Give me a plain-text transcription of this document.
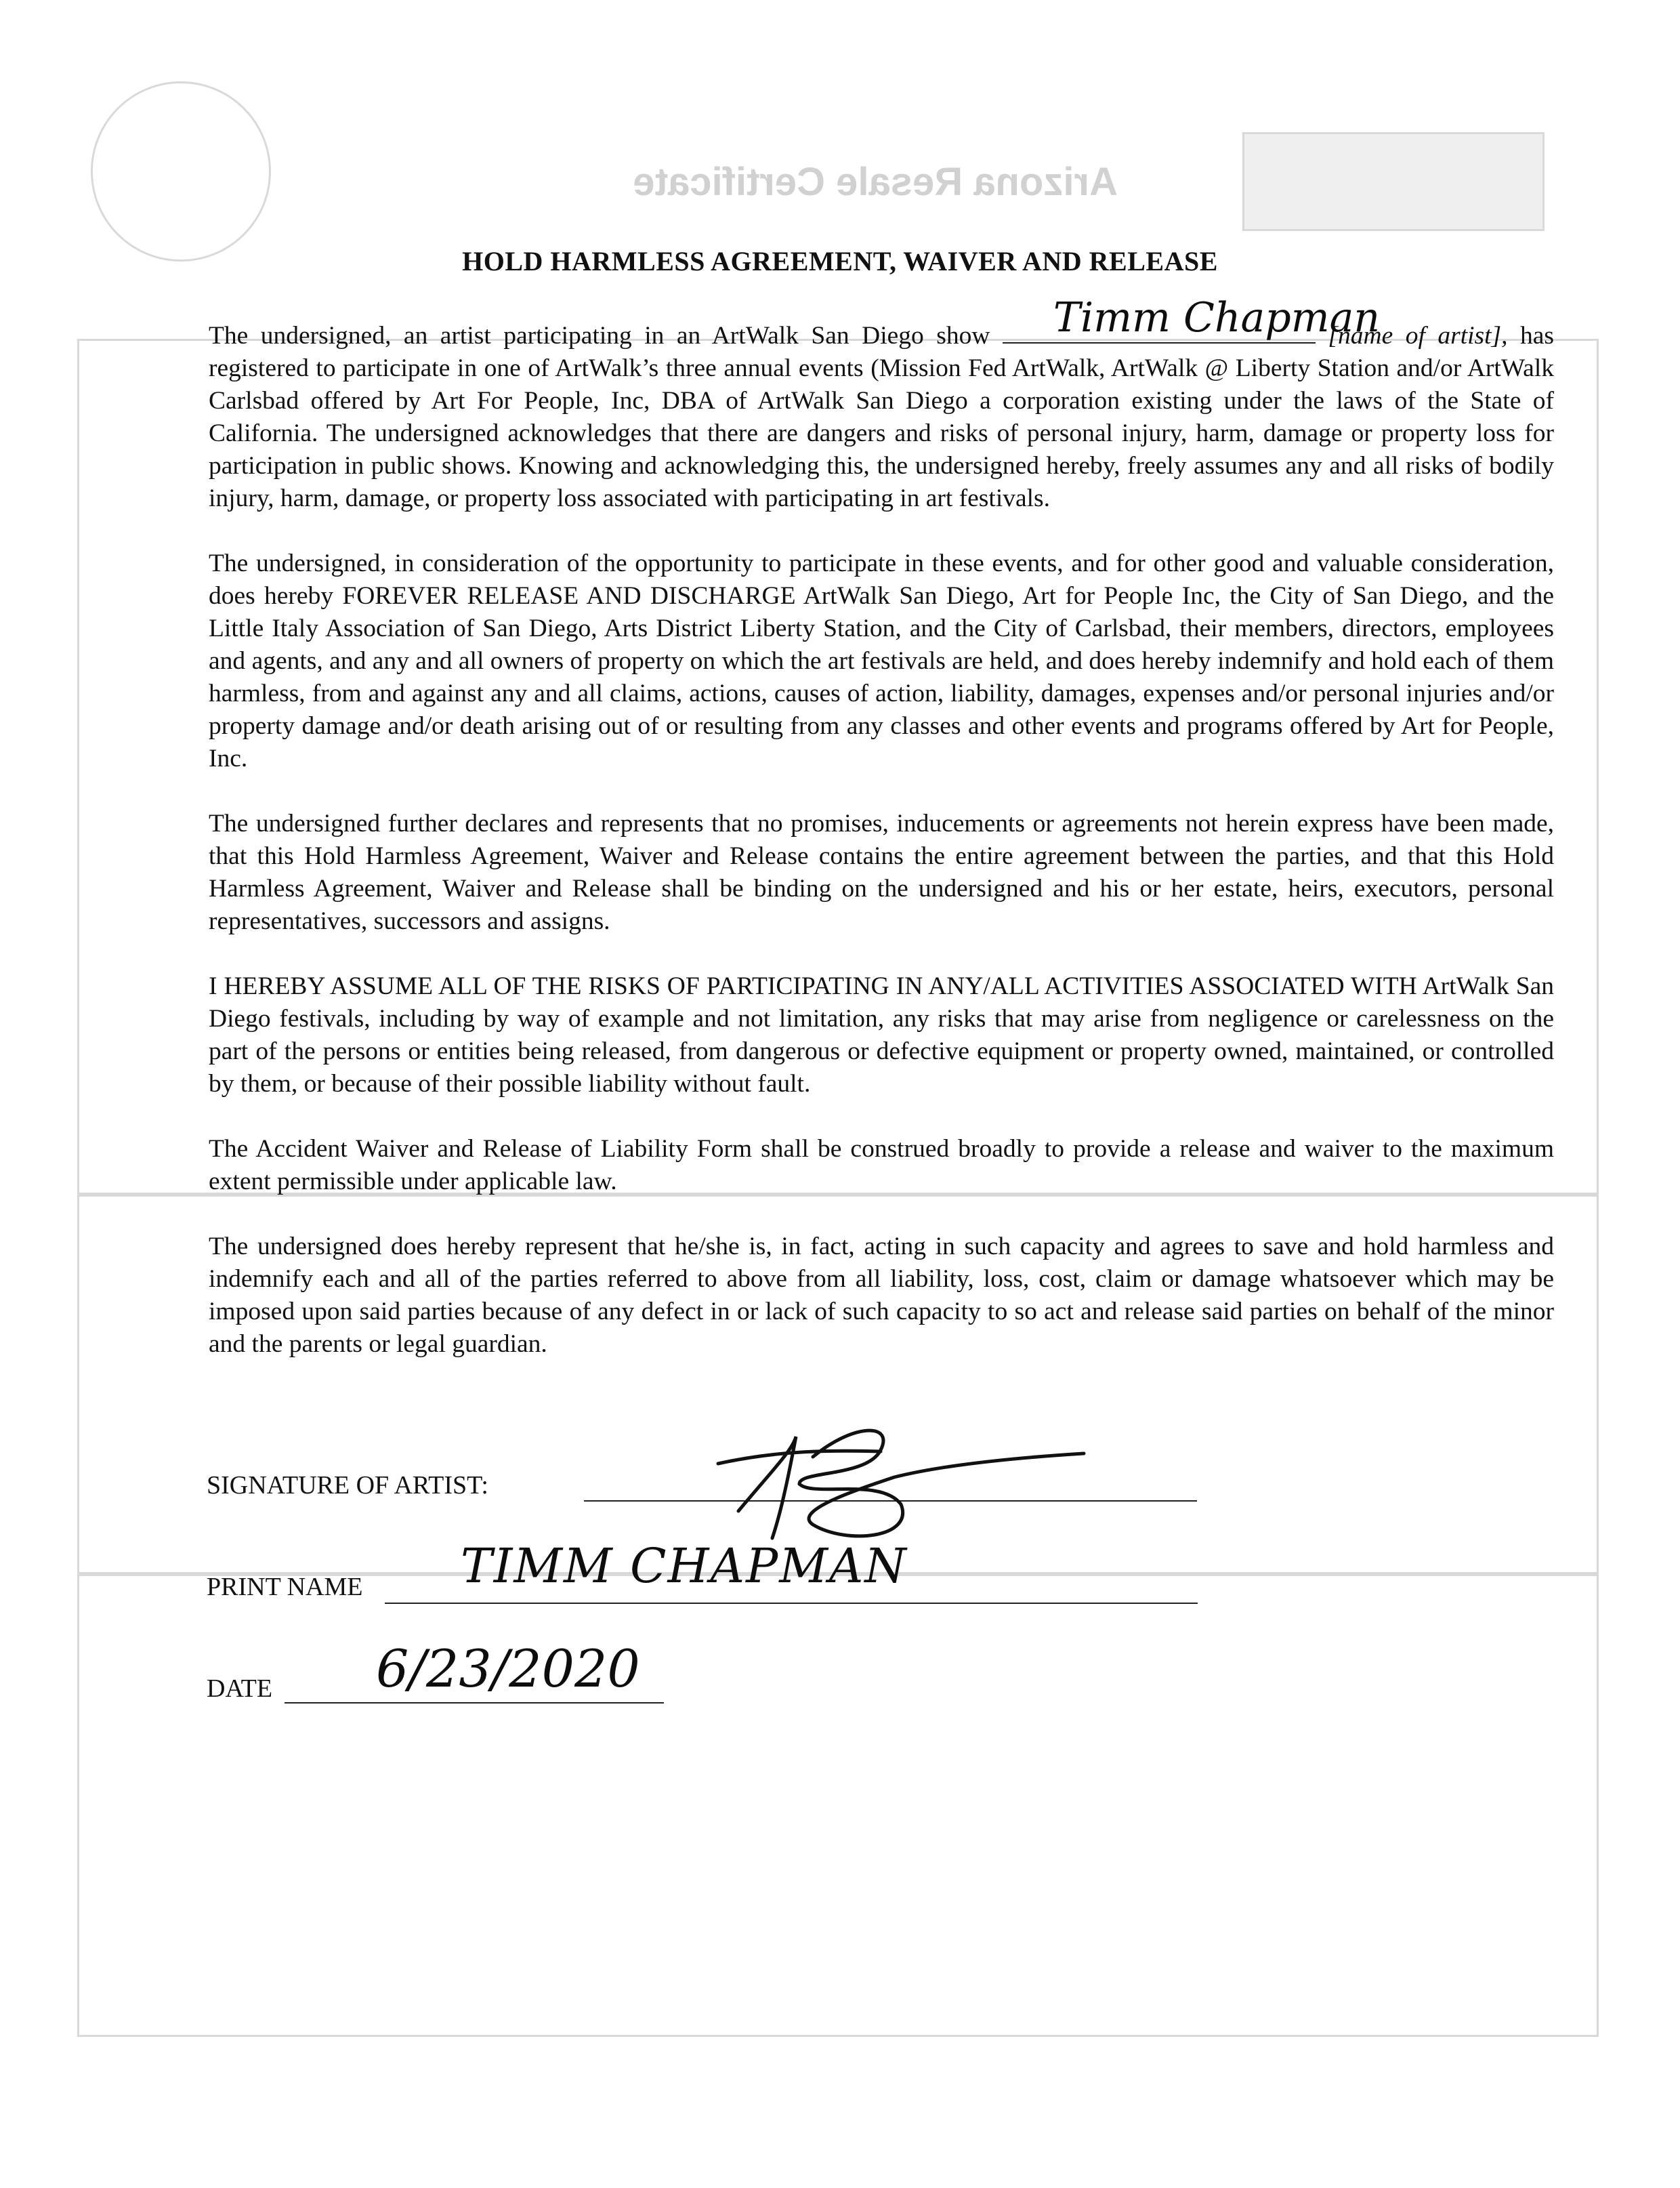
Arizona Resale Certificate
HOLD HARMLESS AGREEMENT, WAIVER AND RELEASE

The undersigned, an artist participating in an ArtWalk San Diego show Timm Chapman
[name of artist], has registered to participate in one of ArtWalk’s three annual events (Mission Fed ArtWalk, ArtWalk @ Liberty Station and/or ArtWalk Carlsbad offered by Art For People, Inc, DBA of ArtWalk San Diego a corporation existing under the laws of the State of California. The undersigned acknowledges that there are dangers and risks of personal injury, harm, damage or property loss for participation in public shows. Knowing and acknowledging this, the undersigned hereby, freely assumes any and all risks of bodily injury, harm, damage, or property loss associated with participating in art festivals.

The undersigned, in consideration of the opportunity to participate in these events, and for other good and valuable consideration, does hereby FOREVER RELEASE AND DISCHARGE ArtWalk San Diego, Art for People Inc, the City of San Diego, and the Little Italy Association of San Diego, Arts District Liberty Station, and the City of Carlsbad, their members, directors, employees and agents, and any and all owners of property on which the art festivals are held, and does hereby indemnify and hold each of them harmless, from and against any and all claims, actions, causes of action, liability, damages, expenses and/or personal injuries and/or property damage and/or death arising out of or resulting from any classes and other events and programs offered by Art for People, Inc.

The undersigned further declares and represents that no promises, inducements or agreements not herein express have been made, that this Hold Harmless Agreement, Waiver and Release contains the entire agreement between the parties, and that this Hold Harmless Agreement, Waiver and Release shall be binding on the undersigned and his or her estate, heirs, executors, personal representatives, successors and assigns.

I HEREBY ASSUME ALL OF THE RISKS OF PARTICIPATING IN ANY/ALL ACTIVITIES ASSOCIATED WITH ArtWalk San Diego festivals, including by way of example and not limitation, any risks that may arise from negligence or carelessness on the part of the persons or entities being released, from dangerous or defective equipment or property owned, maintained, or controlled by them, or because of their possible liability without fault.

The Accident Waiver and Release of Liability Form shall be construed broadly to provide a release and waiver to the maximum extent permissible under applicable law.

The undersigned does hereby represent that he/she is, in fact, acting in such capacity and agrees to save and hold harmless and indemnify each and all of the parties referred to above from all liability, loss, cost, claim or damage whatsoever which may be imposed upon said parties because of any defect in or lack of such capacity to so act and release said parties on behalf of the minor and the parents or legal guardian.

SIGNATURE OF ARTIST:
PRINT NAME TIMM CHAPMAN
DATE 6/23/2020
